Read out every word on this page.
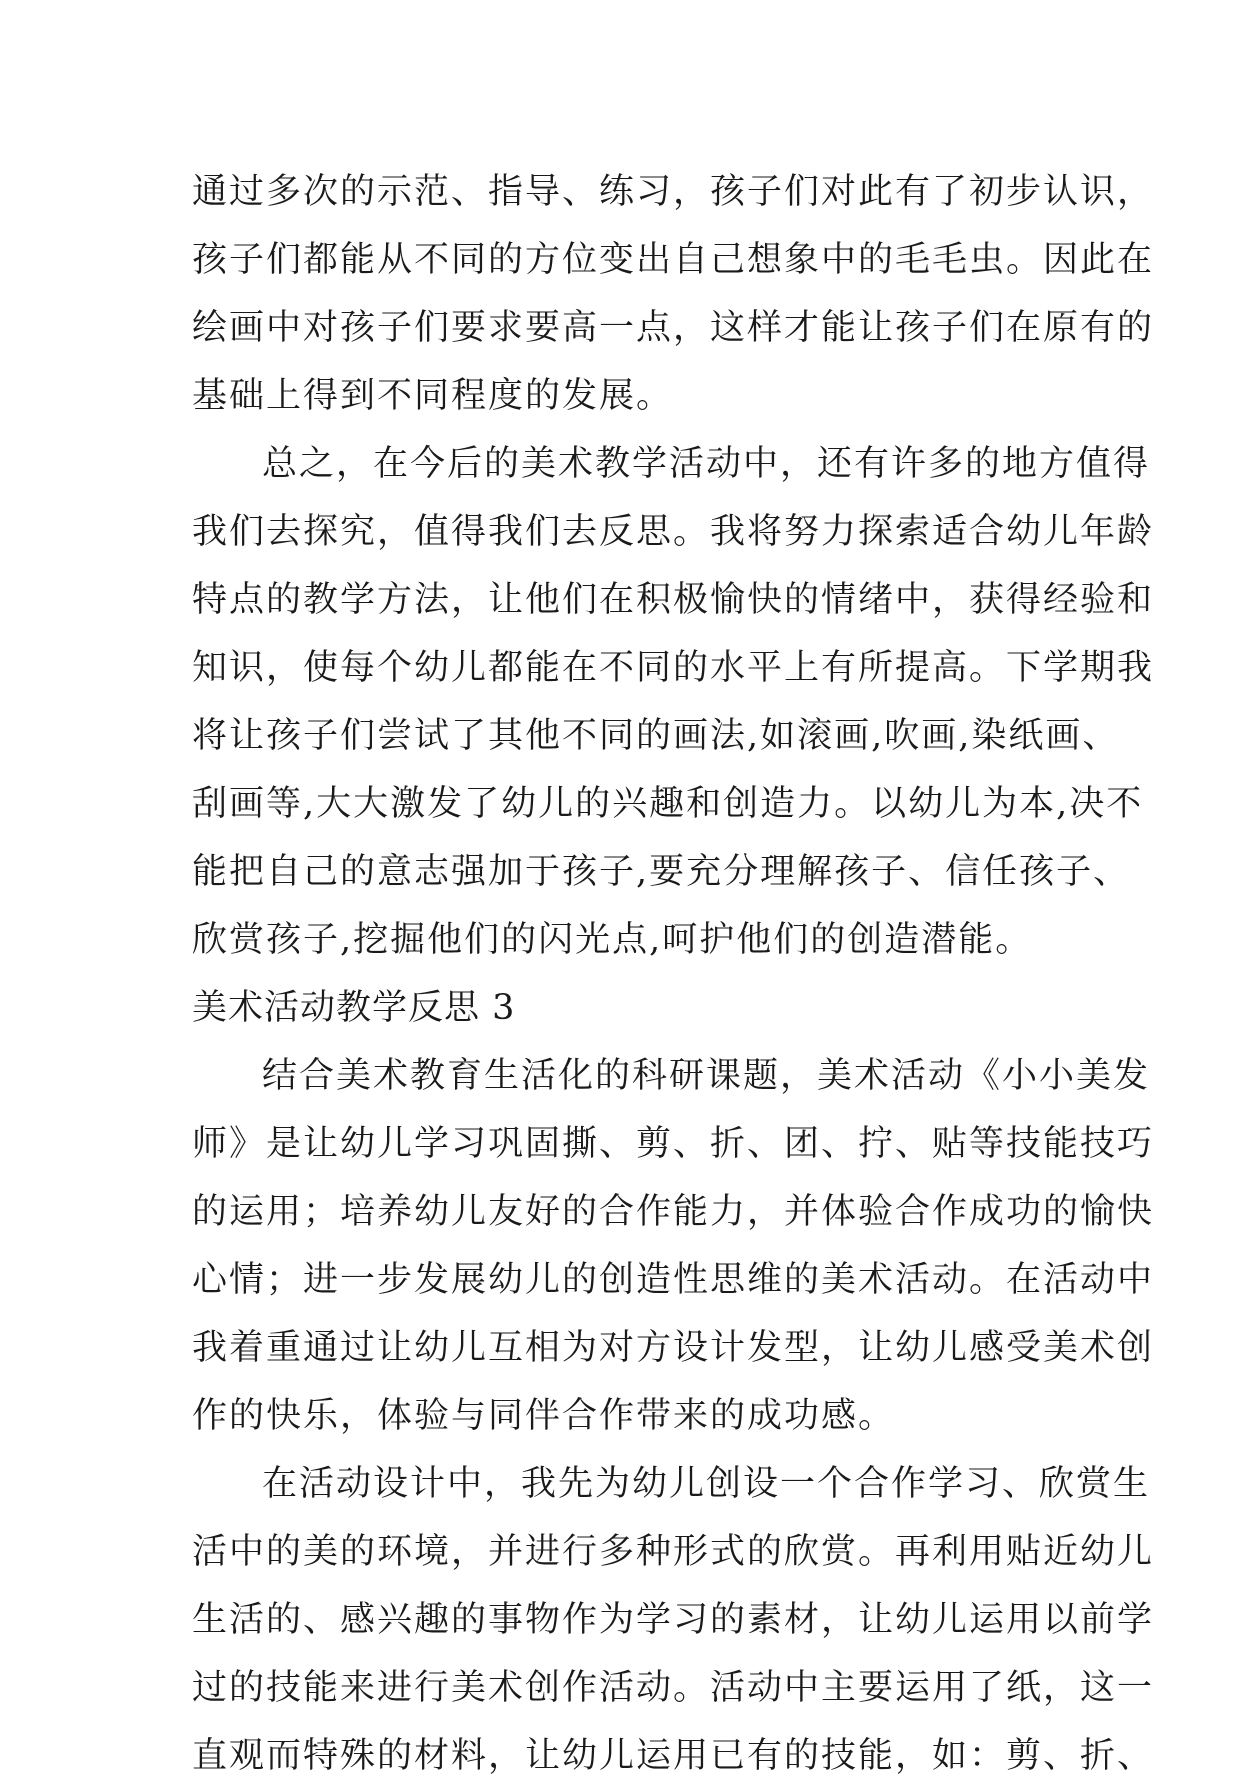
通过多次的示范、指导、练习，孩子们对此有了初步认识，
孩子们都能从不同的方位变出自己想象中的毛毛虫。因此在
绘画中对孩子们要求要高一点，这样才能让孩子们在原有的
基础上得到不同程度的发展。
总之，在今后的美术教学活动中，还有许多的地方值得
我们去探究，值得我们去反思。我将努力探索适合幼儿年龄
特点的教学方法，让他们在积极愉快的情绪中，获得经验和
知识，使每个幼儿都能在不同的水平上有所提高。下学期我
将让孩子们尝试了其他不同的画法,如滚画,吹画,染纸画、
刮画等,大大激发了幼儿的兴趣和创造力。以幼儿为本,决不
能把自己的意志强加于孩子,要充分理解孩子、信任孩子、
欣赏孩子,挖掘他们的闪光点,呵护他们的创造潜能。
美术活动教学反思 3
结合美术教育生活化的科研课题，美术活动《小小美发
师》是让幼儿学习巩固撕、剪、折、团、拧、贴等技能技巧
的运用；培养幼儿友好的合作能力，并体验合作成功的愉快
心情；进一步发展幼儿的创造性思维的美术活动。在活动中
我着重通过让幼儿互相为对方设计发型，让幼儿感受美术创
作的快乐，体验与同伴合作带来的成功感。
在活动设计中，我先为幼儿创设一个合作学习、欣赏生
活中的美的环境，并进行多种形式的欣赏。再利用贴近幼儿
生活的、感兴趣的事物作为学习的素材，让幼儿运用以前学
过的技能来进行美术创作活动。活动中主要运用了纸，这一
直观而特殊的材料，让幼儿运用已有的技能，如：剪、折、
